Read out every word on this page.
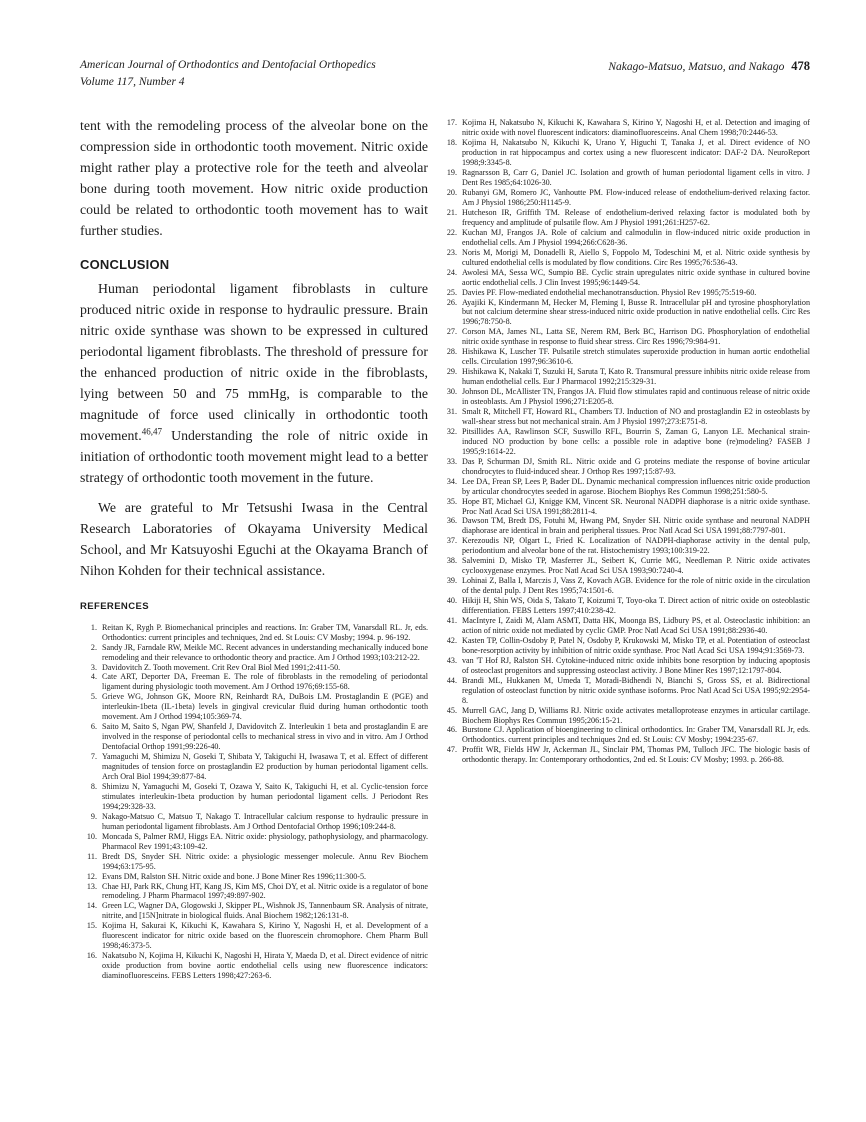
American Journal of Orthodontics and Dentofacial Orthopedics
Volume 117, Number 4
Nakago-Matsuo, Matsuo, and Nakago 478

tent with the remodeling process of the alveolar bone on the compression side in orthodontic tooth movement. Nitric oxide might rather play a protective role for the teeth and alveolar bone during tooth movement. How nitric oxide production could be related to orthodontic tooth movement has to wait further studies.

CONCLUSION

Human periodontal ligament fibroblasts in culture produced nitric oxide in response to hydraulic pressure. Brain nitric oxide synthase was shown to be expressed in cultured periodontal ligament fibroblasts. The threshold of pressure for the enhanced production of nitric oxide in the fibroblasts, lying between 50 and 75 mmHg, is comparable to the magnitude of force used clinically in orthodontic tooth movement.$^{46,47}$ Understanding the role of nitric oxide in initiation of orthodontic tooth movement might lead to a better strategy of orthodontic tooth movement in the future.

We are grateful to Mr Tetsushi Iwasa in the Central Research Laboratories of Okayama University Medical School, and Mr Katsuyoshi Eguchi at the Okayama Branch of Nihon Kohden for their technical assistance.

REFERENCES
1. Reitan K, Rygh P. Biomechanical principles and reactions. In: Graber TM, Vanarsdall RL. Jr, eds. Orthodontics: current principles and techniques, 2nd ed. St Louis: CV Mosby; 1994. p. 96-192.
2. Sandy JR, Farndale RW, Meikle MC. Recent advances in understanding mechanically induced bone remodeling and their relevance to orthodontic theory and practice. Am J Orthod 1993;103:212-22.
3. Davidovitch Z. Tooth movement. Crit Rev Oral Biol Med 1991;2:411-50.
4. Cate ART, Deporter DA, Freeman E. The role of fibroblasts in the remodeling of periodontal ligament during physiologic tooth movement. Am J Orthod 1976;69:155-68.
5. Grieve WG, Johnson GK, Moore RN, Reinhardt RA, DuBois LM. Prostaglandin E (PGE) and interleukin-1beta (IL-1beta) levels in gingival crevicular fluid during human orthodontic tooth movement. Am J Orthod 1994;105:369-74.
6. Saito M, Saito S, Ngan PW, Shanfeld J, Davidovitch Z. Interleukin 1 beta and prostaglandin E are involved in the response of periodontal cells to mechanical stress in vivo and in vitro. Am J Orthod Dentofacial Orthop 1991;99:226-40.
7. Yamaguchi M, Shimizu N, Goseki T, Shibata Y, Takiguchi H, Iwasawa T, et al. Effect of different magnitudes of tension force on prostaglandin E2 production by human periodontal ligament cells. Arch Oral Biol 1994;39:877-84.
8. Shimizu N, Yamaguchi M, Goseki T, Ozawa Y, Saito K, Takiguchi H, et al. Cyclic-tension force stimulates interleukin-1beta production by human periodontal ligament cells. J Periodont Res 1994;29:328-33.
9. Nakago-Matsuo C, Matsuo T, Nakago T. Intracellular calcium response to hydraulic pressure in human periodontal ligament fibroblasts. Am J Orthod Dentofacial Orthop 1996;109:244-8.
10. Moncada S, Palmer RMJ, Higgs EA. Nitric oxide: physiology, pathophysiology, and pharmacology. Pharmacol Rev 1991;43:109-42.
11. Bredt DS, Snyder SH. Nitric oxide: a physiologic messenger molecule. Annu Rev Biochem 1994;63:175-95.
12. Evans DM, Ralston SH. Nitric oxide and bone. J Bone Miner Res 1996;11:300-5.
13. Chae HJ, Park RK, Chung HT, Kang JS, Kim MS, Choi DY, et al. Nitric oxide is a regulator of bone remodeling. J Pharm Pharmacol 1997;49:897-902.
14. Green LC, Wagner DA, Glogowski J, Skipper PL, Wishnok JS, Tannenbaum SR. Analysis of nitrate, nitrite, and [15N]nitrate in biological fluids. Anal Biochem 1982;126:131-8.
15. Kojima H, Sakurai K, Kikuchi K, Kawahara S, Kirino Y, Nagoshi H, et al. Development of a fluorescent indicator for nitric oxide based on the fluorescein chromophore. Chem Pharm Bull 1998;46:373-5.
16. Nakatsubo N, Kojima H, Kikuchi K, Nagoshi H, Hirata Y, Maeda D, et al. Direct evidence of nitric oxide production from bovine aortic endothelial cells using new fluorescence indicators: diaminofluoresceins. FEBS Letters 1998;427:263-6.
17. Kojima H, Nakatsubo N, Kikuchi K, Kawahara S, Kirino Y, Nagoshi H, et al. Detection and imaging of nitric oxide with novel fluorescent indicators: diaminofluoresceins. Anal Chem 1998;70:2446-53.
18. Kojima H, Nakatsubo N, Kikuchi K, Urano Y, Higuchi T, Tanaka J, et al. Direct evidence of NO production in rat hippocampus and cortex using a new fluorescent indicator: DAF-2 DA. NeuroReport 1998;9:3345-8.
19. Ragnarsson B, Carr G, Daniel JC. Isolation and growth of human periodontal ligament cells in vitro. J Dent Res 1985;64:1026-30.
20. Rubanyi GM, Romero JC, Vanhoutte PM. Flow-induced release of endothelium-derived relaxing factor. Am J Physiol 1986;250:H1145-9.
21. Hutcheson IR, Griffith TM. Release of endothelium-derived relaxing factor is modulated both by frequency and amplitude of pulsatile flow. Am J Physiol 1991;261:H257-62.
22. Kuchan MJ, Frangos JA. Role of calcium and calmodulin in flow-induced nitric oxide production in endothelial cells. Am J Physiol 1994;266:C628-36.
23. Noris M, Morigi M, Donadelli R, Aiello S, Foppolo M, Todeschini M, et al. Nitric oxide synthesis by cultured endothelial cells is modulated by flow conditions. Circ Res 1995;76:536-43.
24. Awolesi MA, Sessa WC, Sumpio BE. Cyclic strain upregulates nitric oxide synthase in cultured bovine aortic endothelial cells. J Clin Invest 1995;96:1449-54.
25. Davies PF. Flow-mediated endothelial mechanotransduction. Physiol Rev 1995;75:519-60.
26. Ayajiki K, Kindermann M, Hecker M, Fleming I, Busse R. Intracellular pH and tyrosine phosphorylation but not calcium determine shear stress-induced nitric oxide production in native endothelial cells. Circ Res 1996;78:750-8.
27. Corson MA, James NL, Latta SE, Nerem RM, Berk BC, Harrison DG. Phosphorylation of endothelial nitric oxide synthase in response to fluid shear stress. Circ Res 1996;79:984-91.
28. Hishikawa K, Luscher TF. Pulsatile stretch stimulates superoxide production in human aortic endothelial cells. Circulation 1997;96:3610-6.
29. Hishikawa K, Nakaki T, Suzuki H, Saruta T, Kato R. Transmural pressure inhibits nitric oxide release from human endothelial cells. Eur J Pharmacol 1992;215:329-31.
30. Johnson DL, McAllister TN, Frangos JA. Fluid flow stimulates rapid and continuous release of nitric oxide in osteoblasts. Am J Physiol 1996;271:E205-8.
31. Smalt R, Mitchell FT, Howard RL, Chambers TJ. Induction of NO and prostaglandin E2 in osteoblasts by wall-shear stress but not mechanical strain. Am J Physiol 1997;273:E751-8.
32. Pitsillides AA, Rawlinson SCF, Suswillo RFL, Bourrin S, Zaman G, Lanyon LE. Mechanical strain-induced NO production by bone cells: a possible role in adaptive bone (re)modeling? FASEB J 1995;9:1614-22.
33. Das P, Schurman DJ, Smith RL. Nitric oxide and G proteins mediate the response of bovine articular chondrocytes to fluid-induced shear. J Orthop Res 1997;15:87-93.
34. Lee DA, Frean SP, Lees P, Bader DL. Dynamic mechanical compression influences nitric oxide production by articular chondrocytes seeded in agarose. Biochem Biophys Res Commun 1998;251:580-5.
35. Hope BT, Michael GJ, Knigge KM, Vincent SR. Neuronal NADPH diaphorase is a nitric oxide synthase. Proc Natl Acad Sci USA 1991;88:2811-4.
36. Dawson TM, Bredt DS, Fotuhi M, Hwang PM, Snyder SH. Nitric oxide synthase and neuronal NADPH diaphorase are identical in brain and peripheral tissues. Proc Natl Acad Sci USA 1991;88:7797-801.
37. Kerezoudis NP, Olgart L, Fried K. Localization of NADPH-diaphorase activity in the dental pulp, periodontium and alveolar bone of the rat. Histochemistry 1993;100:319-22.
38. Salvemini D, Misko TP, Masferrer JL, Seibert K, Currie MG, Needleman P. Nitric oxide activates cyclooxygenase enzymes. Proc Natl Acad Sci USA 1993;90:7240-4.
39. Lohinai Z, Balla I, Marczis J, Vass Z, Kovach AGB. Evidence for the role of nitric oxide in the circulation of the dental pulp. J Dent Res 1995;74:1501-6.
40. Hikiji H, Shin WS, Oida S, Takato T, Koizumi T, Toyo-oka T. Direct action of nitric oxide on osteoblastic differentiation. FEBS Letters 1997;410:238-42.
41. MacIntyre I, Zaidi M, Alam ASMT, Datta HK, Moonga BS, Lidbury PS, et al. Osteoclastic inhibition: an action of nitric oxide not mediated by cyclic GMP. Proc Natl Acad Sci USA 1991;88:2936-40.
42. Kasten TP, Collin-Osdoby P, Patel N, Osdoby P, Krukowski M, Misko TP, et al. Potentiation of osteoclast bone-resorption activity by inhibition of nitric oxide synthase. Proc Natl Acad Sci USA 1994;91:3569-73.
43. van 'T Hof RJ, Ralston SH. Cytokine-induced nitric oxide inhibits bone resorption by inducing apoptosis of osteoclast progenitors and suppressing osteoclast activity. J Bone Miner Res 1997;12:1797-804.
44. Brandi ML, Hukkanen M, Umeda T, Moradi-Bidhendi N, Bianchi S, Gross SS, et al. Bidirectional regulation of osteoclast function by nitric oxide synthase isoforms. Proc Natl Acad Sci USA 1995;92:2954-8.
45. Murrell GAC, Jang D, Williams RJ. Nitric oxide activates metalloprotease enzymes in articular cartilage. Biochem Biophys Res Commun 1995;206:15-21.
46. Burstone CJ. Application of bioengineering to clinical orthodontics. In: Graber TM, Vanarsdall RL Jr, eds. Orthodontics. current principles and techniques 2nd ed. St Louis: CV Mosby; 1994:235-67.
47. Proffit WR, Fields HW Jr, Ackerman JL, Sinclair PM, Thomas PM, Tulloch JFC. The biologic basis of orthodontic therapy. In: Contemporary orthodontics, 2nd ed. St Louis: CV Mosby; 1993. p. 266-88.
